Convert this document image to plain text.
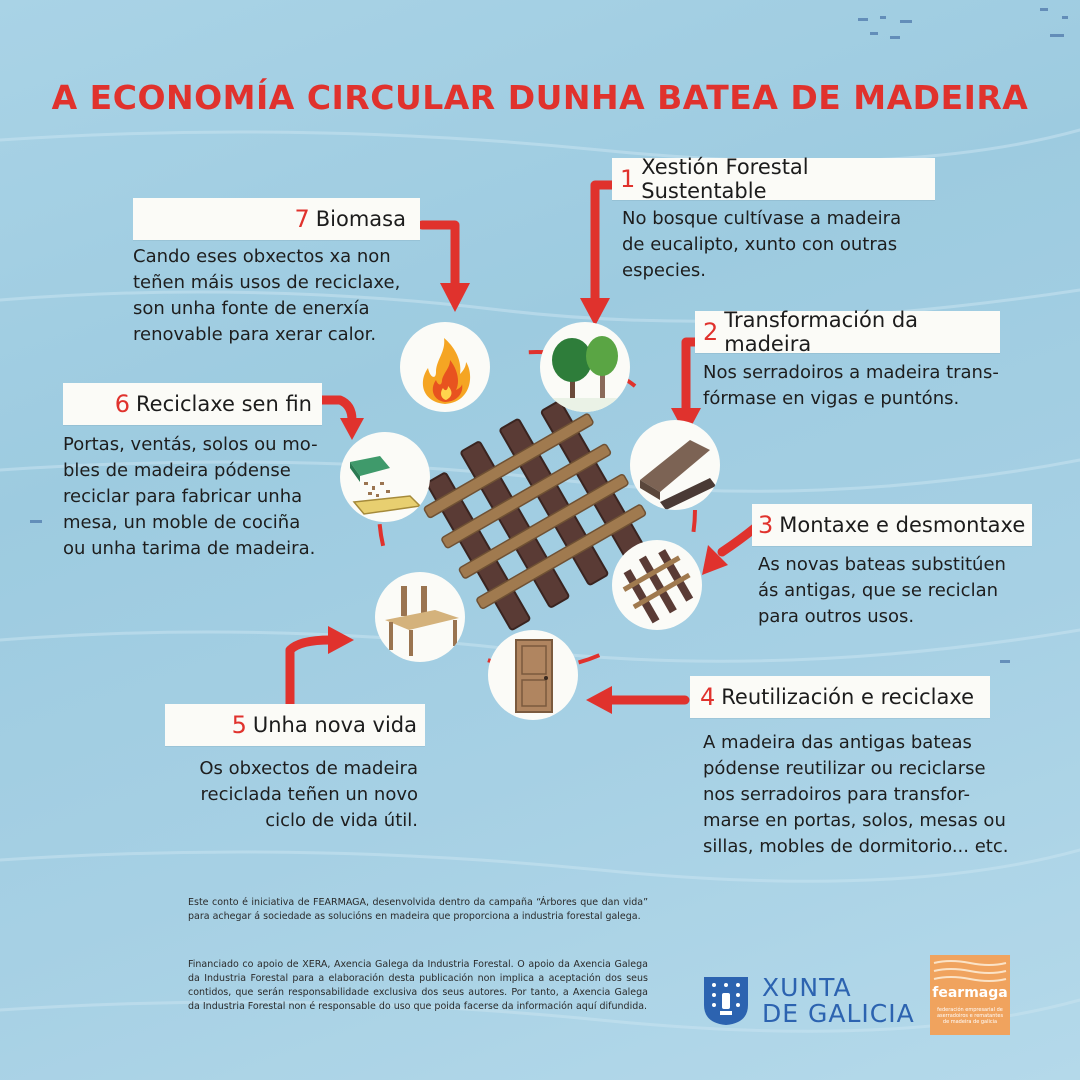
A ECONOMÍA CIRCULAR DUNHA BATEA DE MADEIRA
7 Biomasa
Cando eses obxectos xa non
teñen máis usos de reciclaxe,
son unha fonte de enerxía
renovable para xerar calor.
1 Xestión Forestal Sustentable
No bosque cultívase a madeira
de eucalipto, xunto con outras
especies.
2 Transformación da madeira
Nos serradoiros a madeira trans-
fórmase en vigas e puntóns.
3 Montaxe e desmontaxe
As novas bateas substitúen
ás antigas, que se reciclan
para outros usos.
4 Reutilización e reciclaxe
A madeira das antigas bateas
pódense reutilizar ou reciclarse
nos serradoiros para transfor-
marse en portas, solos, mesas ou
sillas, mobles de dormitorio... etc.
5 Unha nova vida
Os obxectos de madeira
reciclada teñen un novo
ciclo de vida útil.
6 Reciclaxe sen fin
Portas, ventás, solos ou mo-
bles de madeira pódense
reciclar para fabricar unha
mesa, un moble de cociña
ou unha tarima de madeira.
Este conto é iniciativa de FEARMAGA, desenvolvida dentro da campaña “Árbores que dan vida” para achegar á sociedade as solucións en madeira que proporciona a industria forestal galega.
Financiado co apoio de XERA, Axencia Galega da Industria Forestal. O apoio da Axencia Galega da Industria Forestal para a elaboración desta publicación non implica a aceptación dos seus contidos, que serán responsabilidade exclusiva dos seus autores. Por tanto, a Axencia Galega da Industria Forestal non é responsable do uso que poida facerse da información aquí difundida.
XUNTA
DE GALICIA
fearmaga
federación empresarial de aserradoiros e rematantes de madeira de galicia
